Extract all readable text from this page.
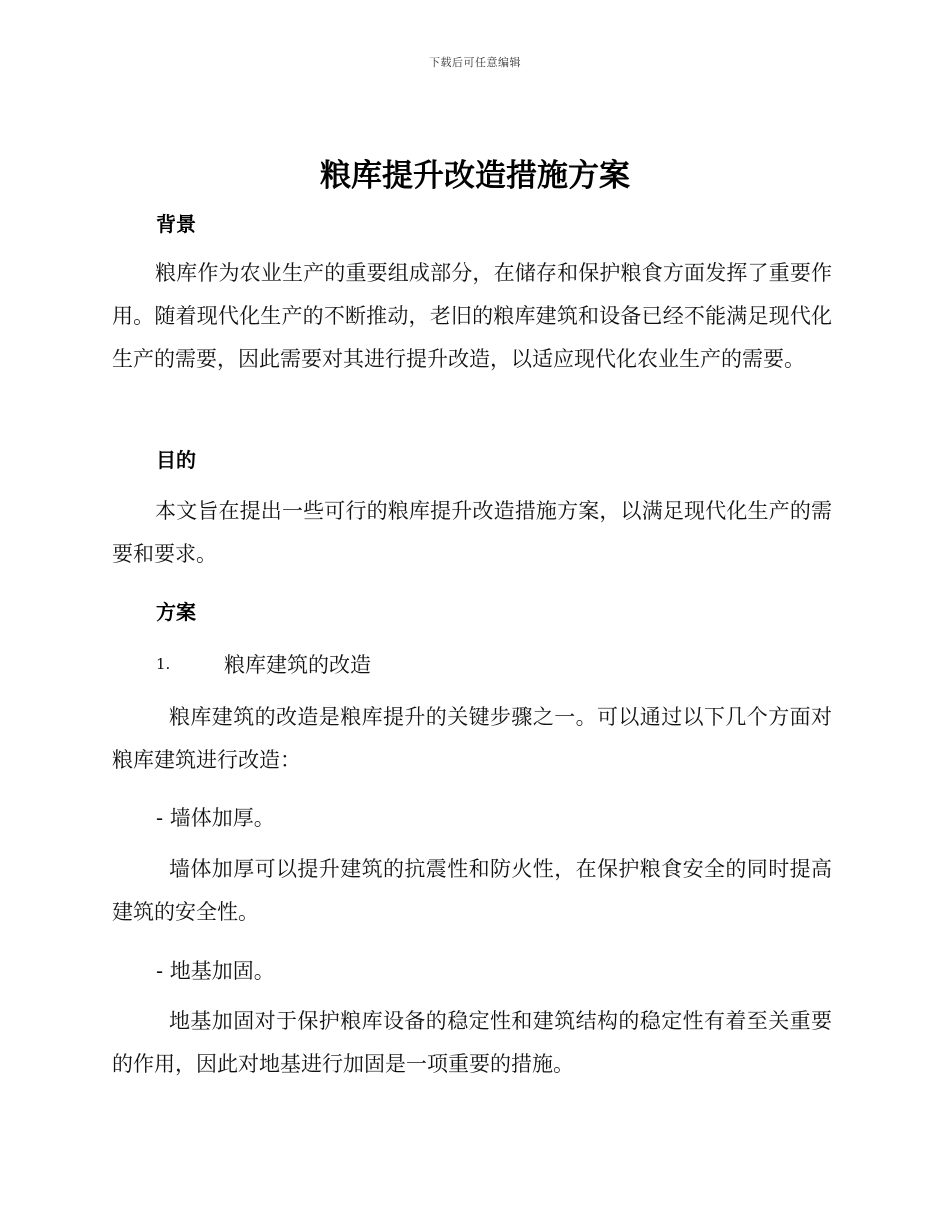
下载后可任意编辑
粮库提升改造措施方案
背景

粮库作为农业生产的重要组成部分，在储存和保护粮食方面发挥了重要作用。随着现代化生产的不断推动，老旧的粮库建筑和设备已经不能满足现代化生产的需要，因此需要对其进行提升改造，以适应现代化农业生产的需要。

目的

本文旨在提出一些可行的粮库提升改造措施方案，以满足现代化生产的需要和要求。

方案
1.	粮库建筑的改造

粮库建筑的改造是粮库提升的关键步骤之一。可以通过以下几个方面对粮库建筑进行改造：

- 墙体加厚。

墙体加厚可以提升建筑的抗震性和防火性，在保护粮食安全的同时提高建筑的安全性。

- 地基加固。

地基加固对于保护粮库设备的稳定性和建筑结构的稳定性有着至关重要的作用，因此对地基进行加固是一项重要的措施。
